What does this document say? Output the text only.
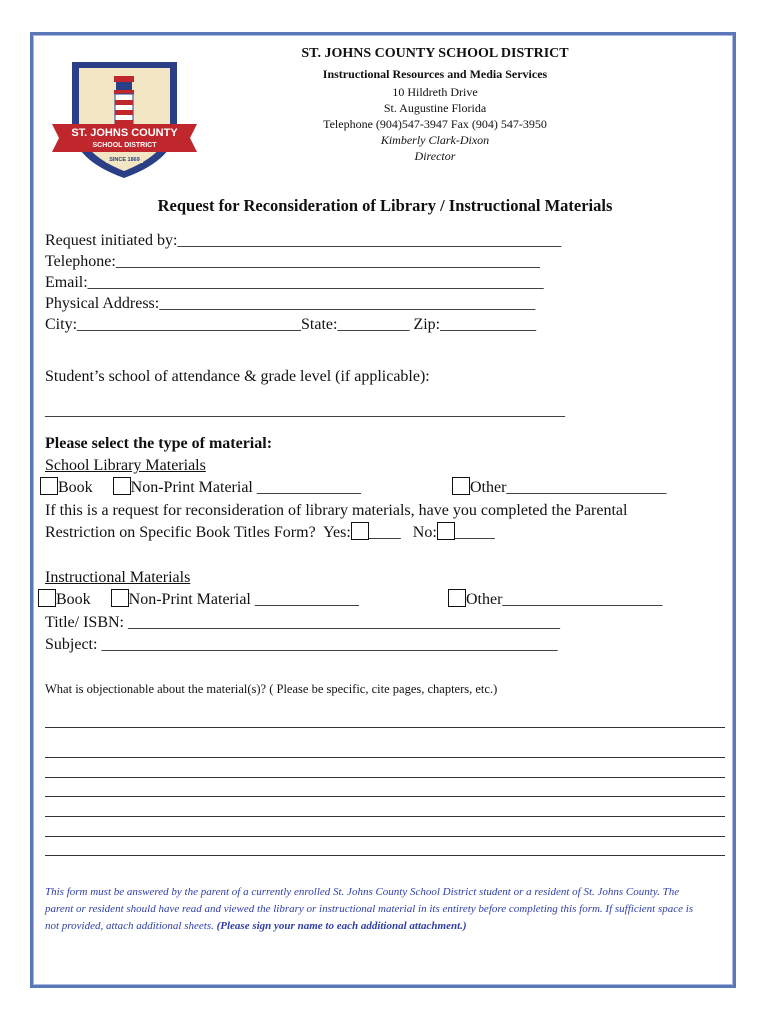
ST. JOHNS COUNTY
SCHOOL DISTRICT
SINCE 1869
ST. JOHNS COUNTY SCHOOL DISTRICT
Instructional Resources and Media Services
10 Hildreth Drive
St. Augustine Florida
Telephone (904)547-3947 Fax (904) 547-3950
Kimberly Clark-Dixon
Director
Request for Reconsideration of Library / Instructional Materials
Request initiated by:________________________________________________
Telephone:_____________________________________________________
Email:_________________________________________________________
Physical Address:_______________________________________________
City:____________________________State:_________ Zip:____________
Student’s school of attendance & grade level (if applicable):
_________________________________________________________________
Please select the type of material:
School Library Materials
Book Non-Print Material _____________	Other____________________
If this is a request for reconsideration of library materials, have you completed the Parental
Restriction on Specific Book Titles Form?  Yes: ____ No: _____
Instructional Materials
Book Non-Print Material _____________	Other____________________
Title/ ISBN: ______________________________________________________
Subject: _________________________________________________________
What is objectionable about the material(s)? ( Please be specific, cite pages, chapters, etc.)
This form must be answered by the parent of a currently enrolled St. Johns County School District student or a resident of St. Johns County. The parent or resident should have read and viewed the library or instructional material in its entirety before completing this form. If sufficient space is not provided, attach additional sheets. (Please sign your name to each additional attachment.)
